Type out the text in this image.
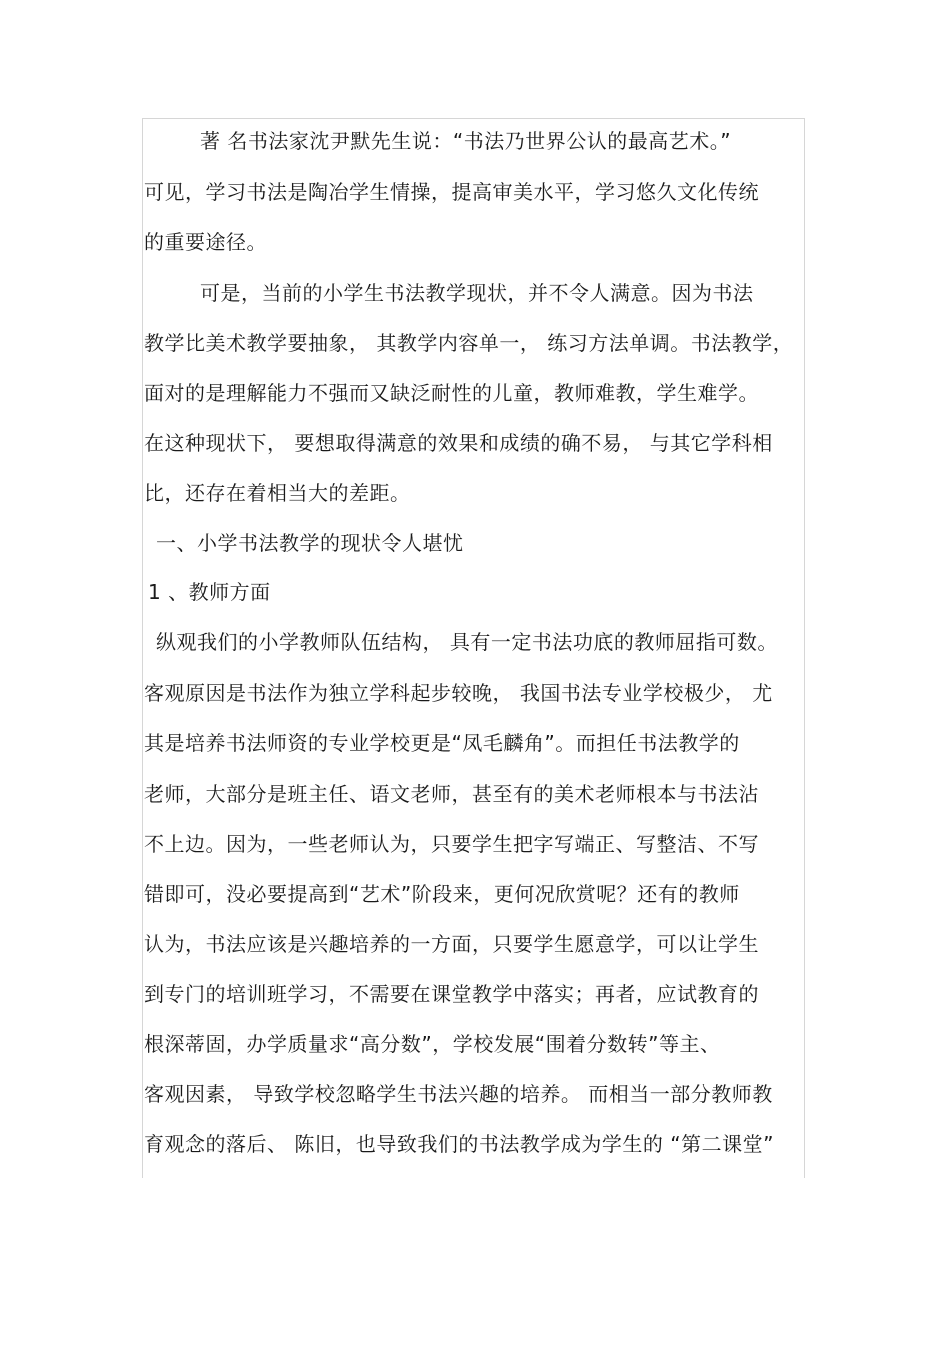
著 名书法家沈尹默先生说：“书法乃世界公认的最高艺术。”
可见，学习书法是陶冶学生情操，提高审美水平，学习悠久文化传统
的重要途径。
可是，当前的小学生书法教学现状，并不令人满意。因为书法
教学比美术教学要抽象， 其教学内容单一， 练习方法单调。书法教学，
面对的是理解能力不强而又缺泛耐性的儿童，教师难教，学生难学。
在这种现状下， 要想取得满意的效果和成绩的确不易， 与其它学科相
比，还存在着相当大的差距。
一、小学书法教学的现状令人堪忧
1 、教师方面
纵观我们的小学教师队伍结构， 具有一定书法功底的教师屈指可数。
客观原因是书法作为独立学科起步较晚， 我国书法专业学校极少， 尤
其是培养书法师资的专业学校更是“凤毛麟角”。而担任书法教学的
老师，大部分是班主任、语文老师，甚至有的美术老师根本与书法沾
不上边。因为，一些老师认为，只要学生把字写端正、写整洁、不写
错即可，没必要提高到“艺术”阶段来，更何况欣赏呢？还有的教师
认为，书法应该是兴趣培养的一方面，只要学生愿意学，可以让学生
到专门的培训班学习，不需要在课堂教学中落实；再者，应试教育的
根深蒂固，办学质量求“高分数”，学校发展“围着分数转”等主、
客观因素， 导致学校忽略学生书法兴趣的培养。 而相当一部分教师教
育观念的落后、 陈旧，也导致我们的书法教学成为学生的 “第二课堂”
